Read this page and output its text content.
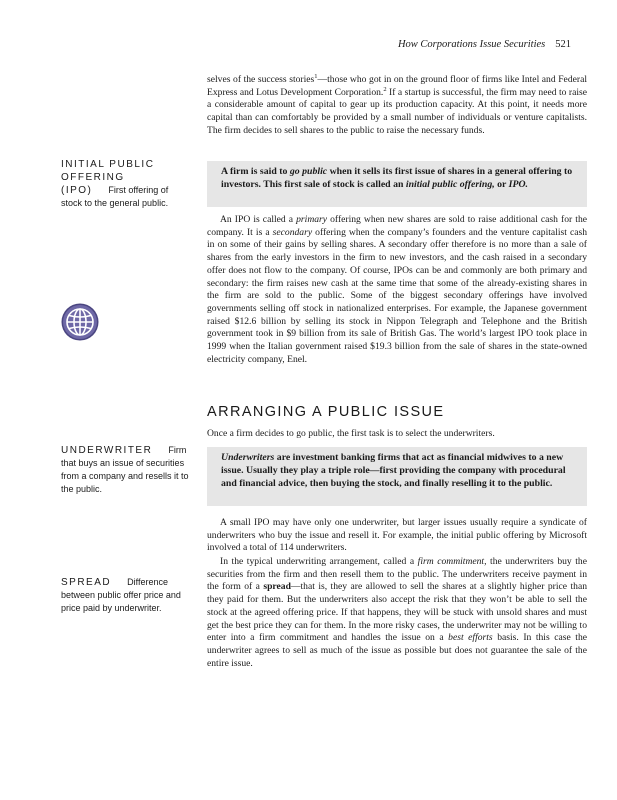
How Corporations Issue Securities 521
INITIAL PUBLIC OFFERING (IPO) First offering of stock to the general public.
UNDERWRITER Firm that buys an issue of securities from a company and resells it to the public.
SPREAD Difference between public offer price and price paid by underwriter.

selves of the success stories$^1$—those who got in on the ground floor of firms like Intel and Federal Express and Lotus Development Corporation.$^2$ If a startup is successful, the firm may need to raise a considerable amount of capital to gear up its production capacity. At this point, it needs more capital than can comfortably be provided by a small number of individuals or venture capitalists. The firm decides to sell shares to the public to raise the necessary funds.

A firm is said to go public when it sells its first issue of shares in a general offering to investors. This first sale of stock is called an initial public offering, or IPO.

An IPO is called a primary offering when new shares are sold to raise additional cash for the company. It is a secondary offering when the company’s founders and the venture capitalist cash in on some of their gains by selling shares. A secondary offer therefore is no more than a sale of shares from the early investors in the firm to new investors, and the cash raised in a secondary offer does not flow to the company. Of course, IPOs can be and commonly are both primary and secondary: the firm raises new cash at the same time that some of the already-existing shares in the firm are sold to the public. Some of the biggest secondary offerings have involved governments selling off stock in nationalized enterprises. For example, the Japanese government raised $12.6 billion by selling its stock in Nippon Telegraph and Telephone and the British government took in $9 billion from its sale of British Gas. The world’s largest IPO took place in 1999 when the Italian government raised $19.3 billion from the sale of shares in the state-owned electricity company, Enel.

ARRANGING A PUBLIC ISSUE

Once a firm decides to go public, the first task is to select the underwriters.

Underwriters are investment banking firms that act as financial midwives to a new issue. Usually they play a triple role—first providing the company with procedural and financial advice, then buying the stock, and finally reselling it to the public.

A small IPO may have only one underwriter, but larger issues usually require a syndicate of underwriters who buy the issue and resell it. For example, the initial public offering by Microsoft involved a total of 114 underwriters.

In the typical underwriting arrangement, called a firm commitment, the underwriters buy the securities from the firm and then resell them to the public. The underwriters receive payment in the form of a spread—that is, they are allowed to sell the shares at a slightly higher price than they paid for them. But the underwriters also accept the risk that they won’t be able to sell the stock at the agreed offering price. If that happens, they will be stuck with unsold shares and must get the best price they can for them. In the more risky cases, the underwriter may not be willing to enter into a firm commitment and handles the issue on a best efforts basis. In this case the underwriter agrees to sell as much of the issue as possible but does not guarantee the sale of the entire issue.
